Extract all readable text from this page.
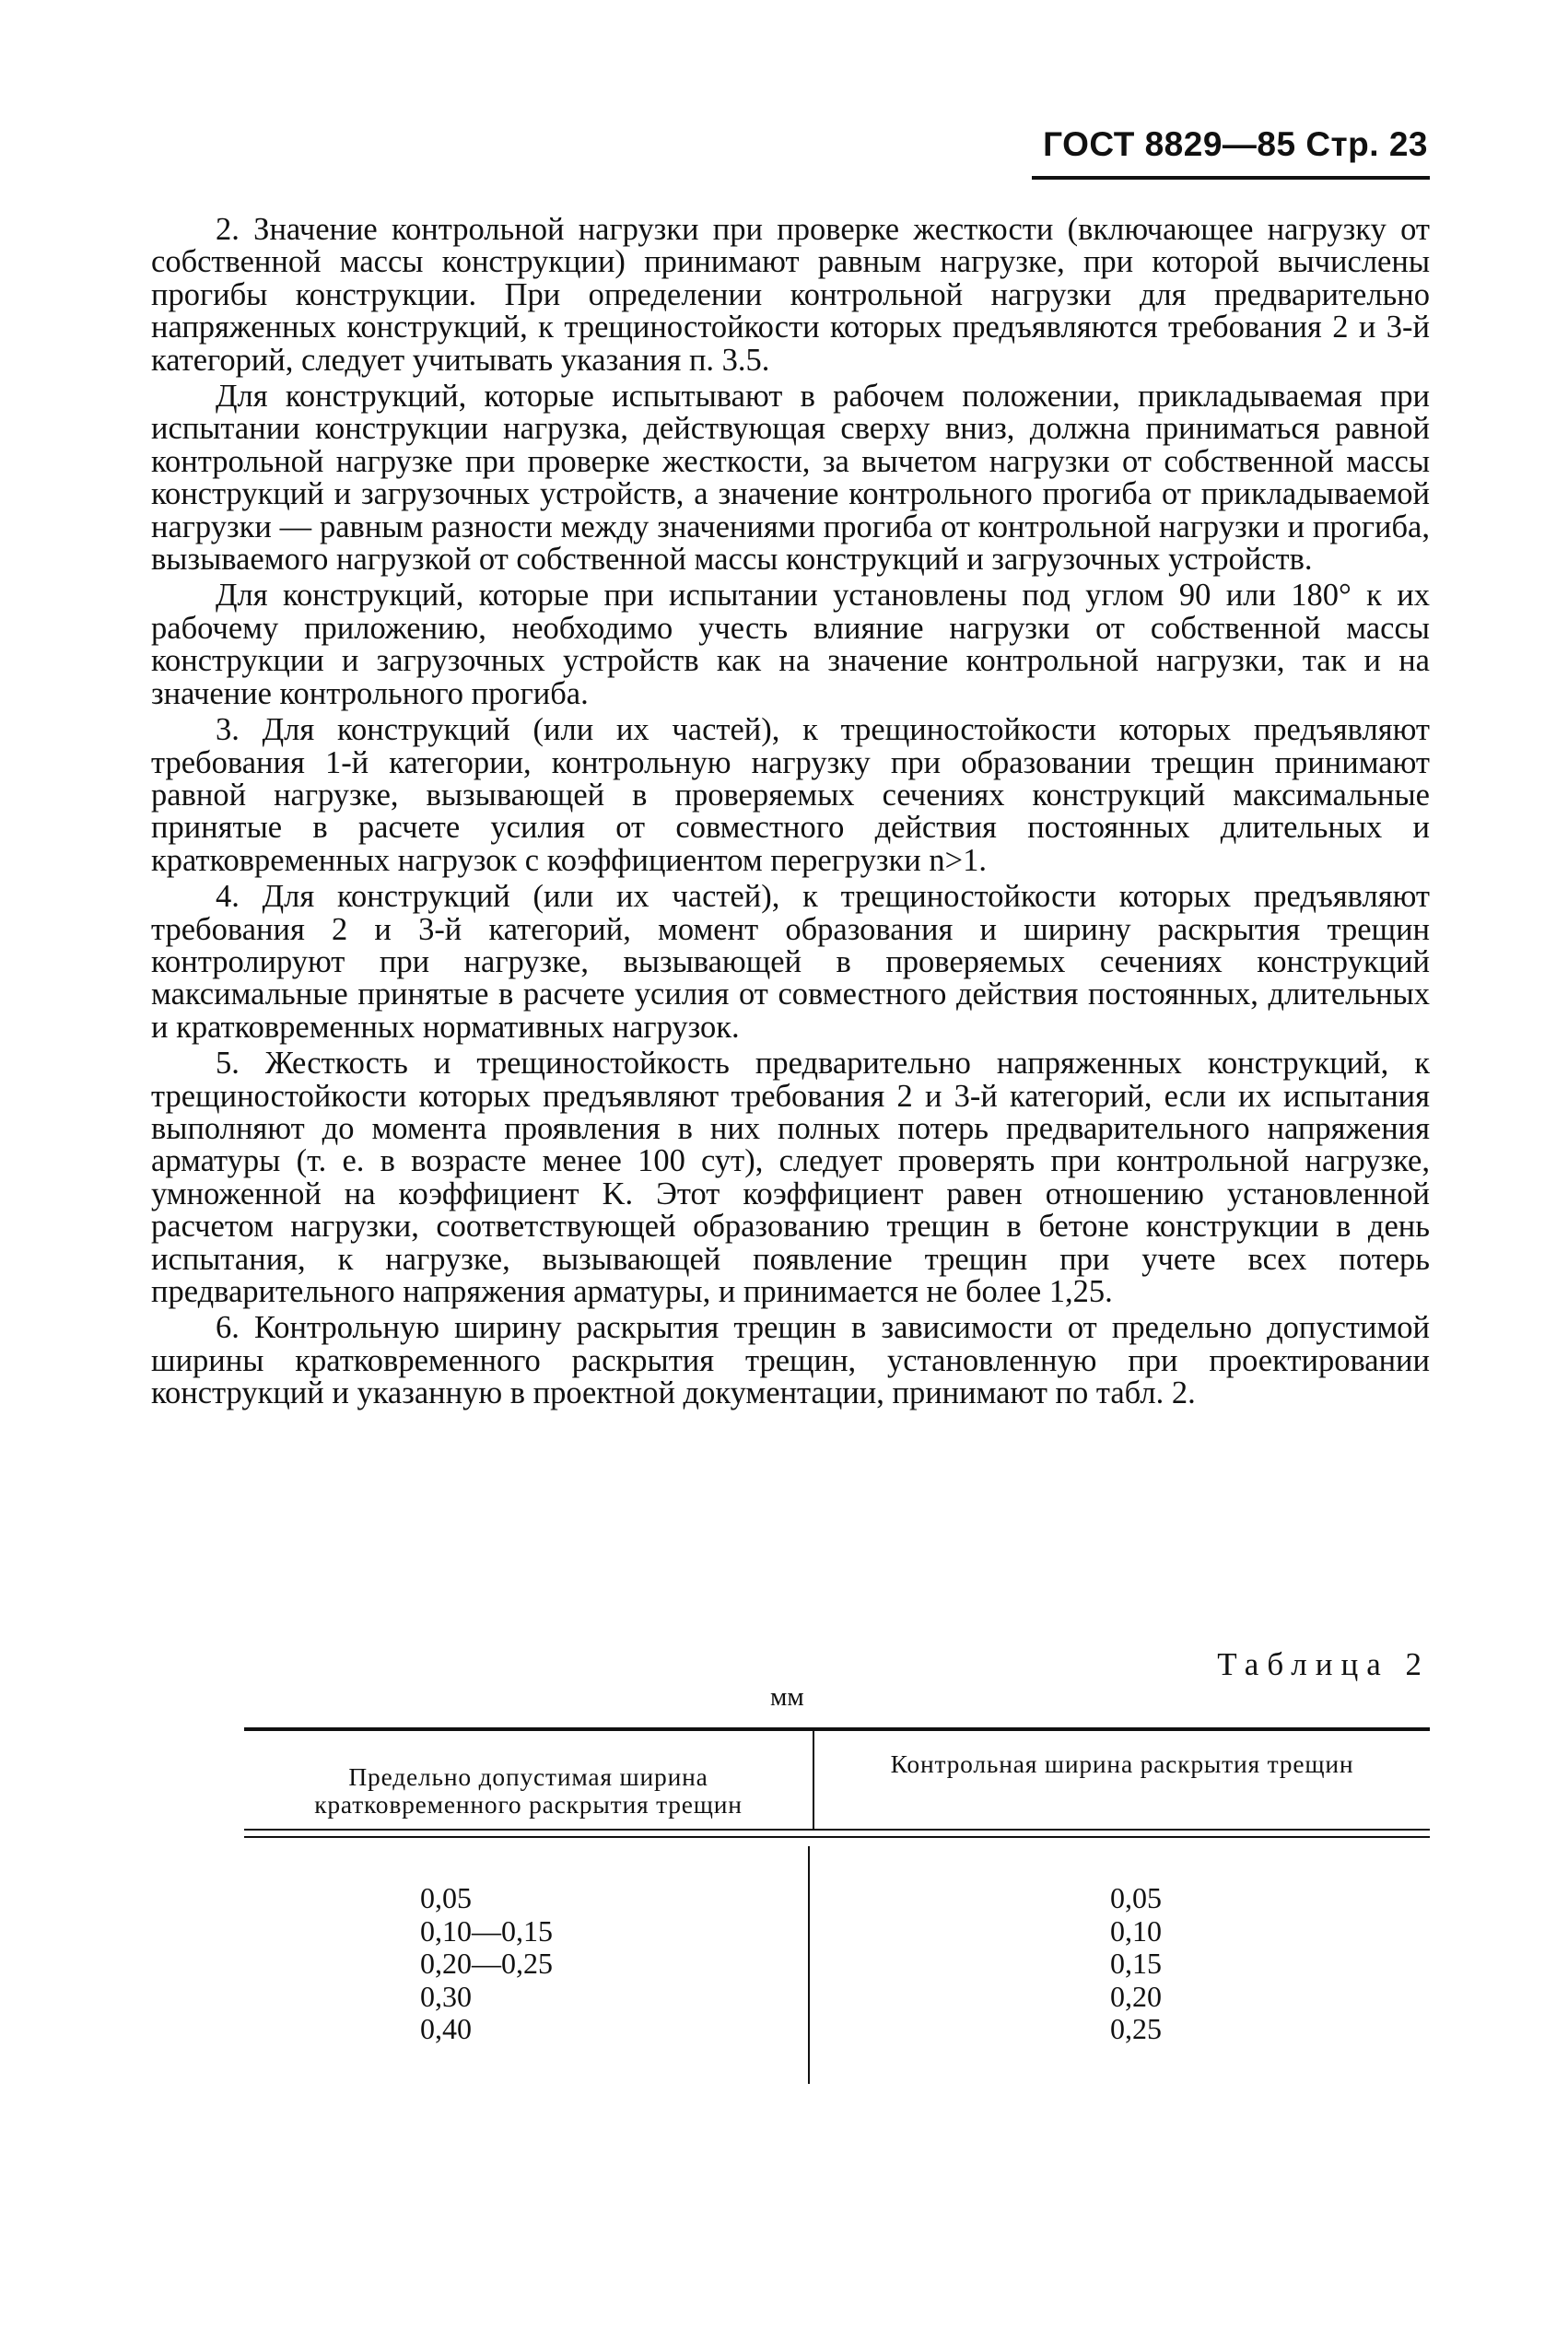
ГОСТ 8829—85 Стр. 23

2. Значение контрольной нагрузки при проверке жесткости (включающее нагрузку от собственной массы конструкции) принимают равным нагрузке, при которой вычислены прогибы конструкции. При определении контрольной нагрузки для предварительно напряженных конструкций, к трещиностойкости которых предъявляются требования 2 и 3-й категорий, следует учитывать указания п. 3.5.

Для конструкций, которые испытывают в рабочем положении, прикладываемая при испытании конструкции нагрузка, действующая сверху вниз, должна приниматься равной контрольной нагрузке при проверке жесткости, за вычетом нагрузки от собственной массы конструкций и загрузочных устройств, а значение контрольного прогиба от прикладываемой нагрузки — равным разности между значениями прогиба от контрольной нагрузки и прогиба, вызываемого нагрузкой от собственной массы конструкций и загрузочных устройств.

Для конструкций, которые при испытании установлены под углом 90 или 180° к их рабочему приложению, необходимо учесть влияние нагрузки от собственной массы конструкции и загрузочных устройств как на значение контрольной нагрузки, так и на значение контрольного прогиба.

3. Для конструкций (или их частей), к трещиностойкости которых предъявляют требования 1-й категории, контрольную нагрузку при образовании трещин принимают равной нагрузке, вызывающей в проверяемых сечениях конструкций максимальные принятые в расчете усилия от совместного действия постоянных длительных и кратковременных нагрузок с коэффициентом перегрузки n>1.

4. Для конструкций (или их частей), к трещиностойкости которых предъявляют требования 2 и 3-й категорий, момент образования и ширину раскрытия трещин контролируют при нагрузке, вызывающей в проверяемых сечениях конструкций максимальные принятые в расчете усилия от совместного действия постоянных, длительных и кратковременных нормативных нагрузок.

5. Жесткость и трещиностойкость предварительно напряженных конструкций, к трещиностойкости которых предъявляют требования 2 и 3-й категорий, если их испытания выполняют до момента проявления в них полных потерь предварительного напряжения арматуры (т. е. в возрасте менее 100 сут), следует проверять при контрольной нагрузке, умноженной на коэффициент K. Этот коэффициент равен отношению установленной расчетом нагрузки, соответствующей образованию трещин в бетоне конструкции в день испытания, к нагрузке, вызывающей появление трещин при учете всех потерь предварительного напряжения арматуры, и принимается не более 1,25.

6. Контрольную ширину раскрытия трещин в зависимости от предельно допустимой ширины кратковременного раскрытия трещин, установленную при проектировании конструкций и указанную в проектной документации, принимают по табл. 2.

Таблица 2
мм
Предельно допустимая ширина кратковременного раскрытия трещин
Контрольная ширина раскрытия трещин
0,05
0,10—0,15
0,20—0,25
0,30
0,40
0,05
0,10
0,15
0,20
0,25
